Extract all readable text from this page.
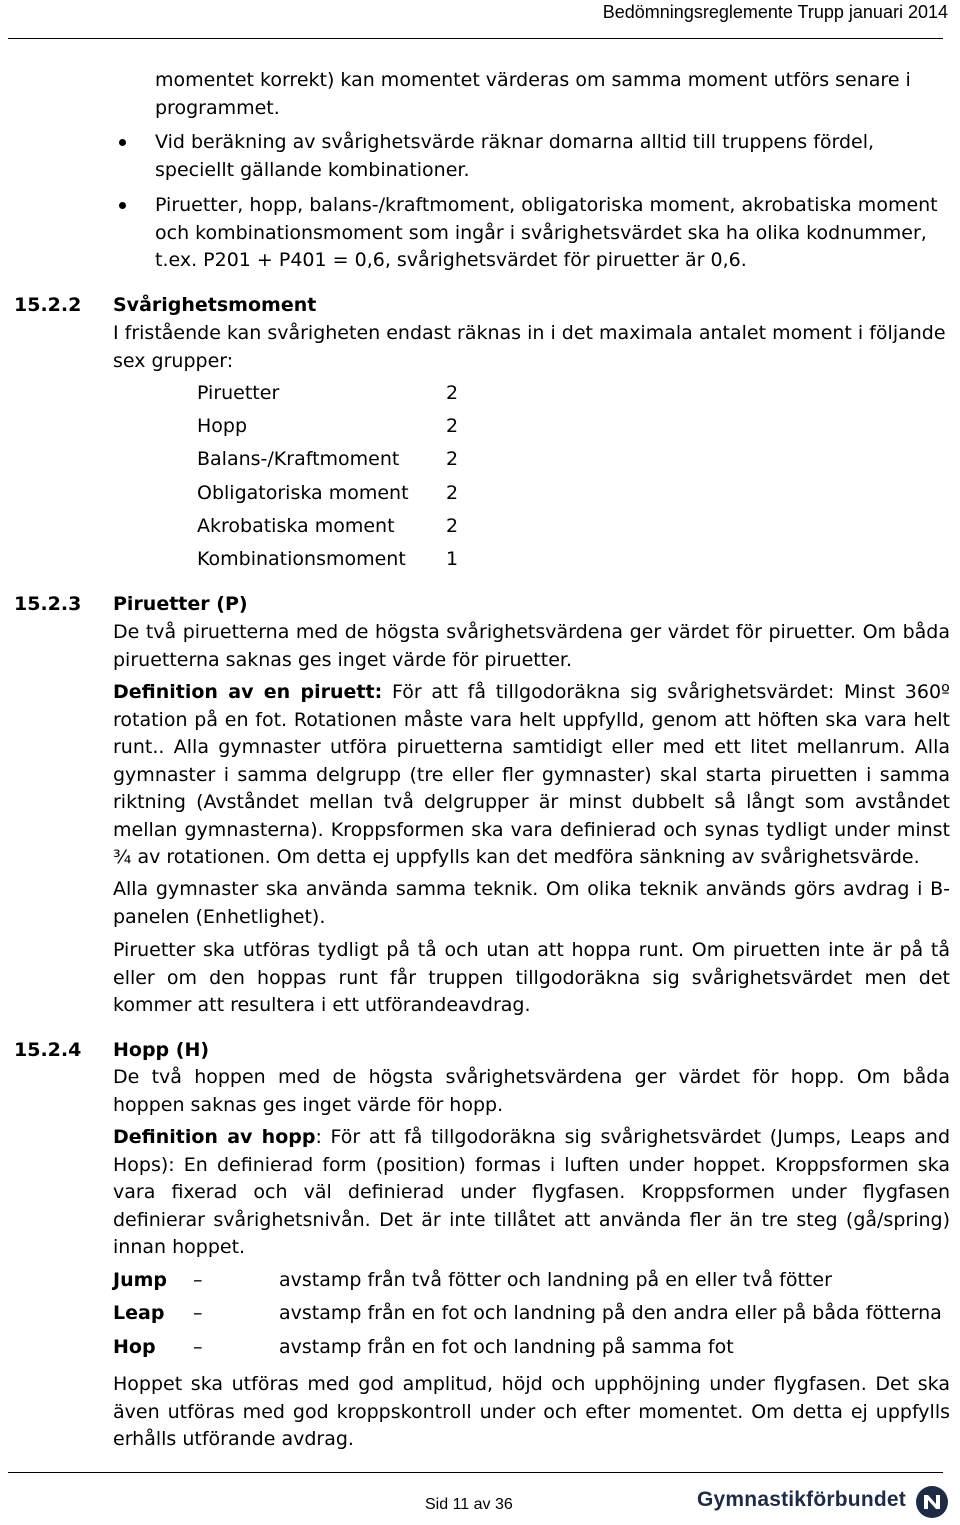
Bedömningsreglemente Trupp januari 2014
momentet korrekt) kan momentet värderas om samma moment utförs senare i programmet.
Vid beräkning av svårighetsvärde räknar domarna alltid till truppens fördel, speciellt gällande kombinationer.
Piruetter, hopp, balans-/kraftmoment, obligatoriska moment, akrobatiska moment och kombinationsmoment som ingår i svårighetsvärdet ska ha olika kodnummer, t.ex. P201 + P401 = 0,6, svårighetsvärdet för piruetter är 0,6.
15.2.2 Svårighetsmoment
I fristående kan svårigheten endast räknas in i det maximala antalet moment i följande sex grupper:
Piruetter	2
Hopp	2
Balans-/Kraftmoment 2
Obligatoriska moment 2
Akrobatiska moment	2
Kombinationsmoment 1
15.2.3 Piruetter (P)
De två piruetterna med de högsta svårighetsvärdena ger värdet för piruetter. Om båda piruetterna saknas ges inget värde för piruetter.
Definition av en piruett: För att få tillgodoräkna sig svårighetsvärdet: Minst 360º rotation på en fot. Rotationen måste vara helt uppfylld, genom att höften ska vara helt runt.. Alla gymnaster utföra piruetterna samtidigt eller med ett litet mellanrum. Alla gymnaster i samma delgrupp (tre eller fler gymnaster) skal starta piruetten i samma riktning (Avståndet mellan två delgrupper är minst dubbelt så långt som avståndet mellan gymnasterna). Kroppsformen ska vara definierad och synas tydligt under minst ¾ av rotationen. Om detta ej uppfylls kan det medföra sänkning av svårighetsvärde.
Alla gymnaster ska använda samma teknik. Om olika teknik används görs avdrag i B-panelen (Enhetlighet).
Piruetter ska utföras tydligt på tå och utan att hoppa runt. Om piruetten inte är på tå eller om den hoppas runt får truppen tillgodoräkna sig svårighetsvärdet men det kommer att resultera i ett utförandeavdrag.
15.2.4 Hopp (H)
De två hoppen med de högsta svårighetsvärdena ger värdet för hopp. Om båda hoppen saknas ges inget värde för hopp.
Definition av hopp: För att få tillgodoräkna sig svårighetsvärdet (Jumps, Leaps and Hops): En definierad form (position) formas i luften under hoppet. Kroppsformen ska vara fixerad och väl definierad under flygfasen. Kroppsformen under flygfasen definierar svårighetsnivån. Det är inte tillåtet att använda fler än tre steg (gå/spring) innan hoppet.
Jump –	avstamp från två fötter och landning på en eller två fötter
Leap –	avstamp från en fot och landning på den andra eller på båda fötterna
Hop –	avstamp från en fot och landning på samma fot
Hoppet ska utföras med god amplitud, höjd och upphöjning under flygfasen. Det ska även utföras med god kroppskontroll under och efter momentet. Om detta ej uppfylls erhålls utförande avdrag.
Sid 11 av 36	Gymnastikförbundet
